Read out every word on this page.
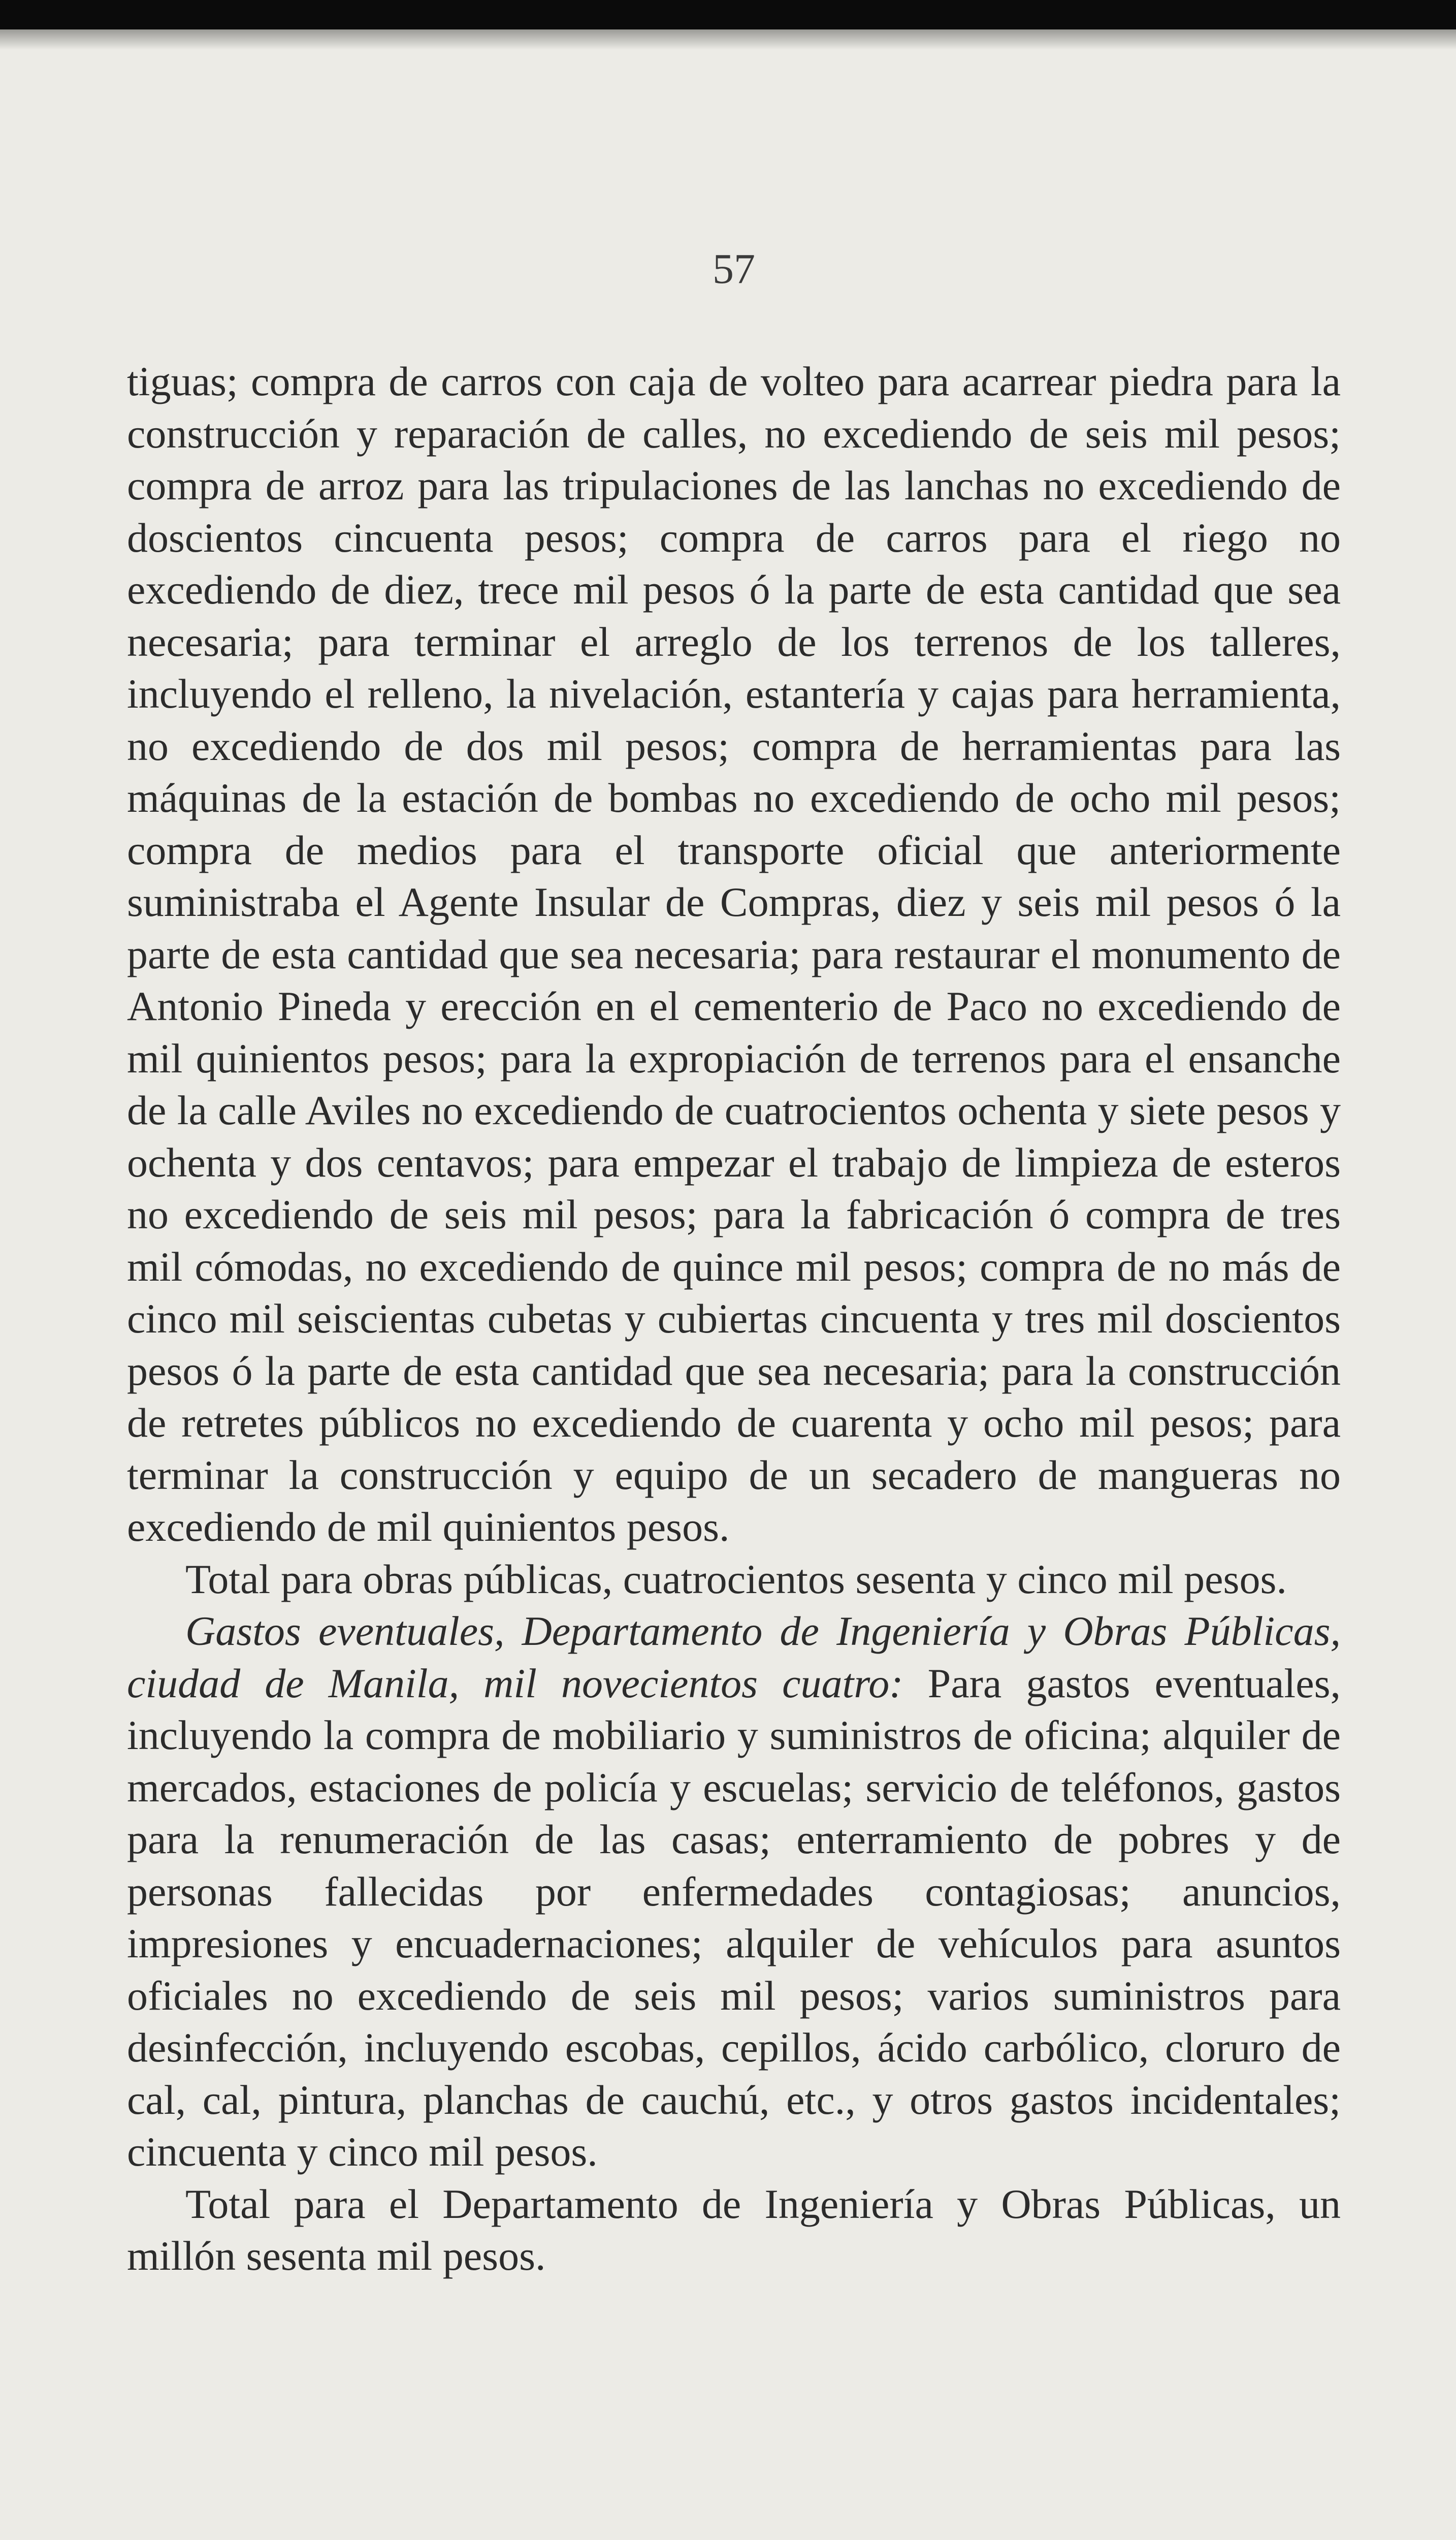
57

tiguas; compra de carros con caja de volteo para acarrear piedra para la construcción y reparación de calles, no excediendo de seis mil pesos; compra de arroz para las tripulaciones de las lanchas no excediendo de doscientos cincuenta pesos; compra de carros para el riego no excediendo de diez, trece mil pesos ó la parte de esta cantidad que sea necesaria; para terminar el arreglo de los terrenos de los talleres, incluyendo el relleno, la nivelación, estantería y cajas para herramienta, no excediendo de dos mil pesos; compra de herramientas para las máquinas de la estación de bombas no excediendo de ocho mil pesos; compra de medios para el transporte oficial que anteriormente suministraba el Agente Insular de Compras, diez y seis mil pesos ó la parte de esta cantidad que sea necesaria; para restaurar el monumento de Antonio Pineda y erección en el cementerio de Paco no excediendo de mil quinientos pesos; para la expropiación de terrenos para el ensanche de la calle Aviles no excediendo de cuatrocientos ochenta y siete pesos y ochenta y dos centavos; para empezar el trabajo de limpieza de esteros no excediendo de seis mil pesos; para la fabricación ó compra de tres mil cómodas, no excediendo de quince mil pesos; compra de no más de cinco mil seiscientas cubetas y cubiertas cincuenta y tres mil doscientos pesos ó la parte de esta cantidad que sea necesaria; para la construcción de retretes públicos no excediendo de cuarenta y ocho mil pesos; para terminar la construcción y equipo de un secadero de mangueras no excediendo de mil quinientos pesos.

Total para obras públicas, cuatrocientos sesenta y cinco mil pesos.

Gastos eventuales, Departamento de Ingeniería y Obras Públicas, ciudad de Manila, mil novecientos cuatro: Para gastos eventuales, incluyendo la compra de mobiliario y suministros de oficina; alquiler de mercados, estaciones de policía y escuelas; servicio de teléfonos, gastos para la renumeración de las casas; enterramiento de pobres y de personas fallecidas por enfermedades contagiosas; anuncios, impresiones y encuadernaciones; alquiler de vehículos para asuntos oficiales no excediendo de seis mil pesos; varios suministros para desinfección, incluyendo escobas, cepillos, ácido carbólico, cloruro de cal, cal, pintura, planchas de cauchú, etc., y otros gastos incidentales; cincuenta y cinco mil pesos.

Total para el Departamento de Ingeniería y Obras Públicas, un millón sesenta mil pesos.
